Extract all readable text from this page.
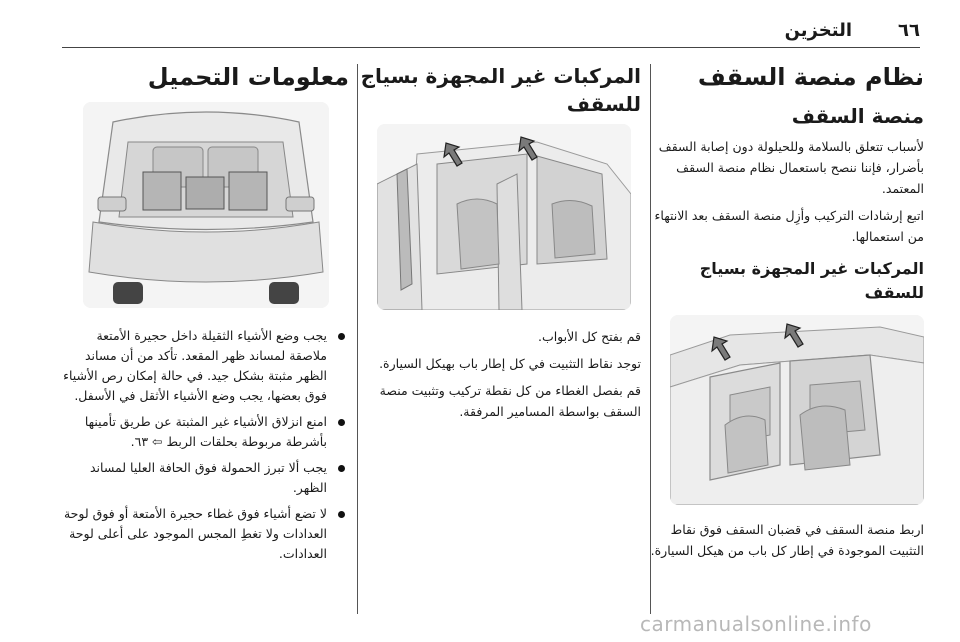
٦٦
التخزين
نظام منصة السقف
منصة السقف
لأسباب تتعلق بالسلامة وللحيلولة دون إصابة السقف بأضرار، فإننا ننصح باستعمال نظام منصة السقف المعتمد.
اتبع إرشادات التركيب وأزِل منصة السقف بعد الانتهاء من استعمالها.
المركبات غير المجهزة بسياج للسقف
اربط منصة السقف في قضبان السقف فوق نقاط التثبيت الموجودة في إطار كل باب من هيكل السيارة.
المركبات غير المجهزة بسياج للسقف
قم بفتح كل الأبواب.
توجد نقاط التثبيت في كل إطار باب بهيكل السيارة.
قم بفصل الغطاء من كل نقطة تركيب وتثبيت منصة السقف بواسطة المسامير المرفقة.
معلومات التحميل
يجب وضع الأشياء الثقيلة داخل حجيرة الأمتعة ملاصقة لمساند ظهر المقعد. تأكد من أن مساند الظهر مثبتة بشكل جيد. في حالة إمكان رص الأشياء فوق بعضها، يجب وضع الأشياء الأثقل في الأسفل.
امنع انزلاق الأشياء غير المثبتة عن طريق تأمينها بأشرطة مربوطة بحلقات الربط ⇦ ٦٣.
يجب ألا تبرز الحمولة فوق الحافة العليا لمساند الظهر.
لا تضع أشياء فوق غطاء حجيرة الأمتعة أو فوق لوحة العدادات ولا تغطِ المجس الموجود على أعلى لوحة العدادات.
carmanualsonline.info
